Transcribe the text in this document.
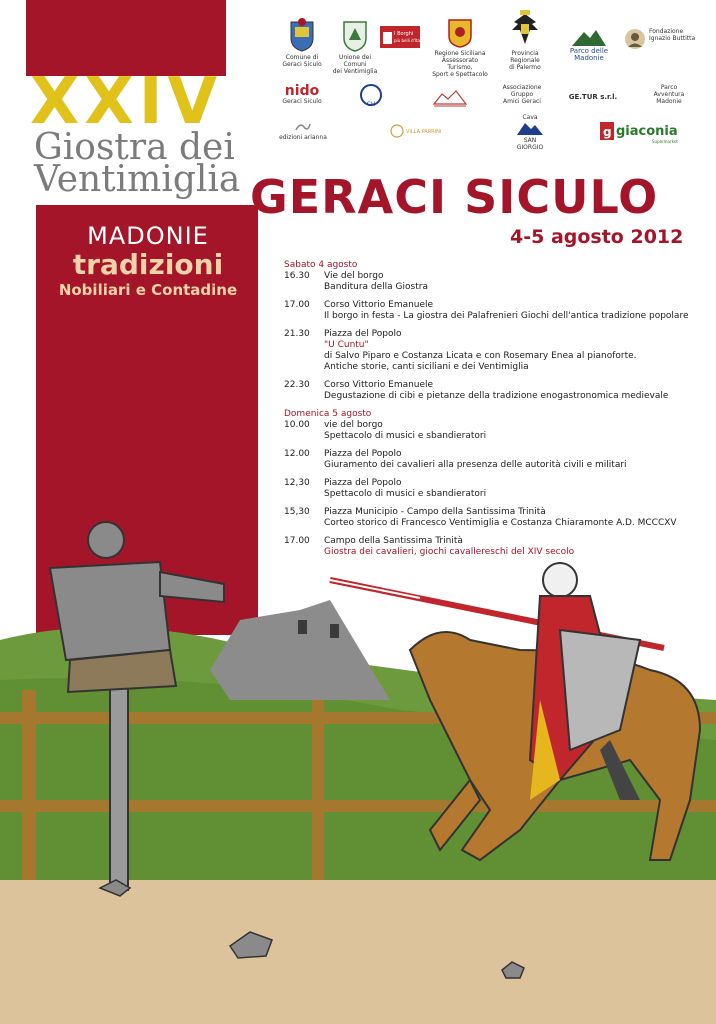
XXIV
Giostra dei
Ventimiglia
MADONIE
tradizioni
Nobiliari e Contadine
GERACI SICULO
4-5 agosto 2012
Comune di
Geraci Siculo
Unione dei Comuni
dei Ventimiglia
I Borghi
più belli d'Italia
Regione Siciliana
Assessorato Turismo,
Sport e Spettacolo
Provincia Regionale
di Palermo
Parco delle Madonie
Fondazione
Ignazio Buttitta
nido
Geraci Siculo	CH
Associazione
Gruppo
Amici Geraci
GE.TUR s.r.l.
Parco
Avventura
Madonie
edizioni arianna
VILLA PARRINI
Cava
SAN GIORGIO
g giaconia
Supermarket
Sabato 4 agosto
16.30 Vie del borgo
Banditura della Giostra
17.00 Corso Vittorio Emanuele
Il borgo in festa - La giostra dei Palafrenieri Giochi dell'antica tradizione popolare
21.30 Piazza del Popolo
"U Cuntu"
di Salvo Piparo e Costanza Licata e con Rosemary Enea al pianoforte.
Antiche storie, canti siciliani e dei Ventimiglia
22.30 Corso Vittorio Emanuele
Degustazione di cibi e pietanze della tradizione enogastronomica medievale
Domenica 5 agosto
10.00 vie del borgo
Spettacolo di musici e sbandieratori
12.00 Piazza del Popolo
Giuramento dei cavalieri alla presenza delle autorità civili e militari
12,30 Piazza del Popolo
Spettacolo di musici e sbandieratori
15,30 Piazza Municipio - Campo della Santissima Trinità
Corteo storico di Francesco Ventimiglia e Costanza Chiaramonte A.D. MCCCXV
17.00 Campo della Santissima Trinità
Giostra dei cavalieri, giochi cavallereschi del XIV secolo
